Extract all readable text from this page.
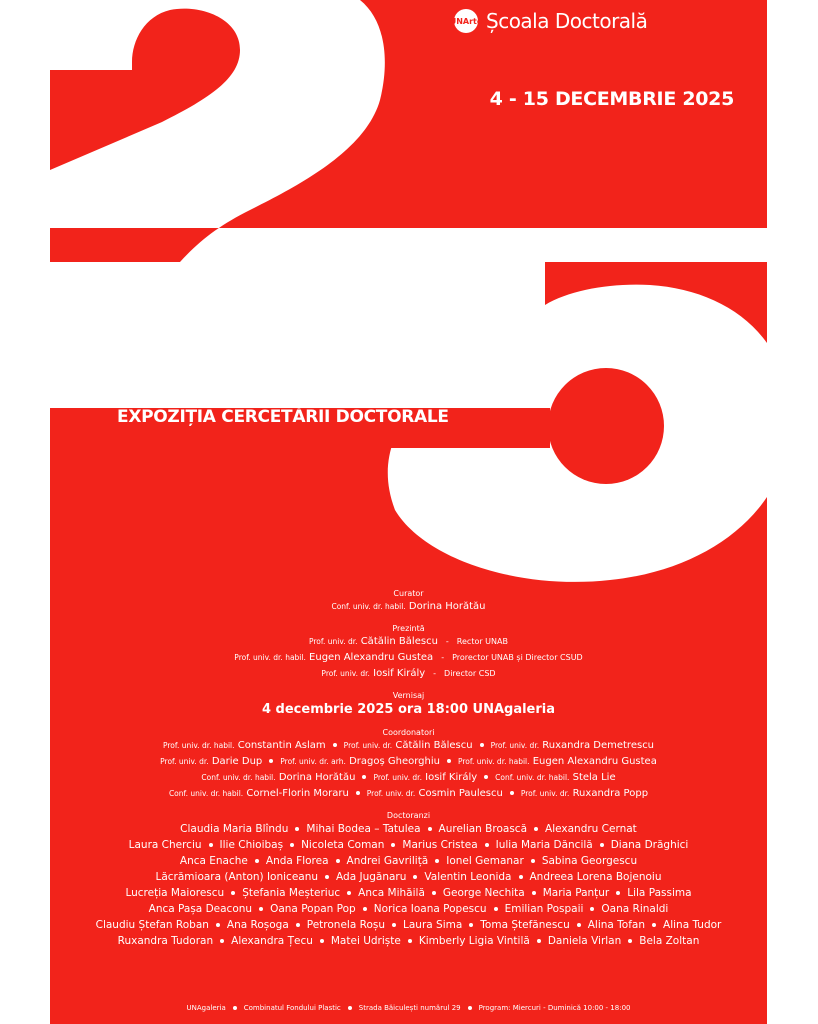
UNArte Școala Doctorală
4 - 15 DECEMBRIE 2025
EXPOZIȚIA CERCETĂRII DOCTORALE
Curator
Conf. univ. dr. habil. Dorina Horătău
Prezintă
Prof. univ. dr. Cătălin Bălescu - Rector UNAB
Prof. univ. dr. habil. Eugen Alexandru Gustea - Prorector UNAB și Director CSUD
Prof. univ. dr. Iosif Király - Director CSD
Vernisaj
4 decembrie 2025 ora 18:00 UNAgaleria
Coordonatori
Prof. univ. dr. habil. Constantin Aslam Prof. univ. dr. Cătălin Bălescu Prof. univ. dr. Ruxandra Demetrescu
Prof. univ. dr. Darie Dup Prof. univ. dr. arh. Dragoș Gheorghiu Prof. univ. dr. habil. Eugen Alexandru Gustea
Conf. univ. dr. habil. Dorina Horătău Prof. univ. dr. Iosif Király Conf. univ. dr. habil. Stela Lie
Conf. univ. dr. habil. Cornel-Florin Moraru Prof. univ. dr. Cosmin Paulescu Prof. univ. dr. Ruxandra Popp
Doctoranzi
Claudia Maria Blîndu Mihai Bodea – Tatulea Aurelian Broască Alexandru Cernat
Laura Cherciu Ilie Chioibaș Nicoleta Coman Marius Cristea Iulia Maria Dăncilă Diana Drăghici
Anca Enache Anda Florea Andrei Gavriliță Ionel Gemanar Sabina Georgescu
Lăcrămioara (Anton) Ioniceanu Ada Jugănaru Valentin Leonida Andreea Lorena Bojenoiu
Lucreția Maiorescu Ștefania Meșteriuc Anca Mihăilă George Nechita Maria Panțur Lila Passima
Anca Pașa Deaconu Oana Popan Pop Norica Ioana Popescu Emilian Pospaii Oana Rinaldi
Claudiu Ștefan Roban Ana Roșoga Petronela Roșu Laura Sima Toma Ștefănescu Alina Tofan Alina Tudor
Ruxandra Tudoran Alexandra Țecu Matei Udriște Kimberly Ligia Vintilă Daniela Virlan Bela Zoltan
UNAgaleria	Combinatul Fondului Plastic	Strada Băiculești numărul 29	Program: Miercuri - Duminică 10:00 - 18:00
